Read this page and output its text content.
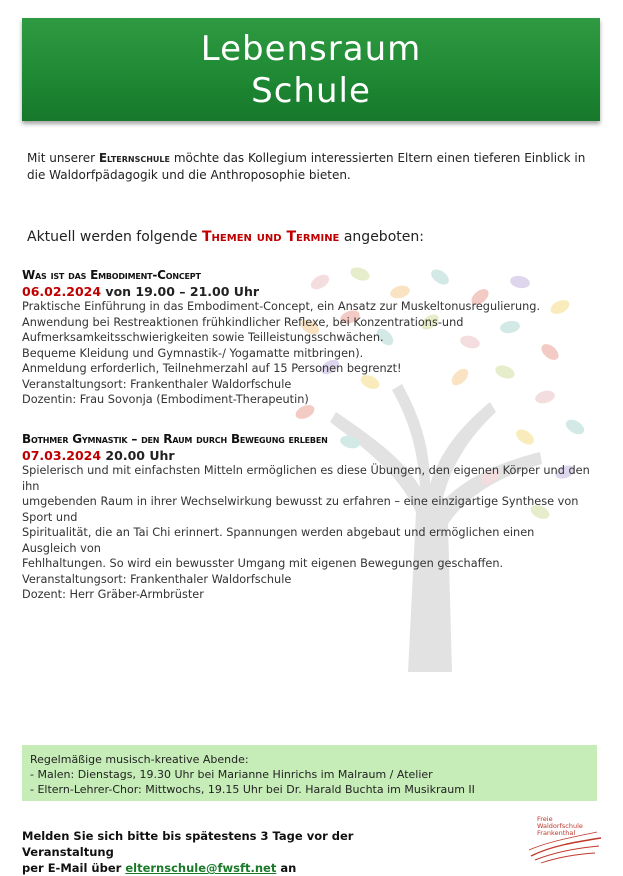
Lebensraum
Schule
Mit unserer Elternschule möchte das Kollegium interessierten Eltern einen tieferen Einblick in die Waldorfpädagogik und die Anthroposophie bieten.
Aktuell werden folgende Themen und Termine angeboten:
Was ist das Embodiment-Concept
06.02.2024 von 19.00 – 21.00 Uhr
Praktische Einführung in das Embodiment-Concept, ein Ansatz zur Muskeltonusregulierung.
Anwendung bei Restreaktionen frühkindlicher Reflexe, bei Konzentrations-und
Aufmerksamkeitsschwierigkeiten sowie Teilleistungsschwächen.
Bequeme Kleidung und Gymnastik-/ Yogamatte mitbringen).
Anmeldung erforderlich, Teilnehmerzahl auf 15 Personen begrenzt!
Veranstaltungsort: Frankenthaler Waldorfschule
Dozentin: Frau Sovonja (Embodiment-Therapeutin)
Bothmer Gymnastik – den Raum durch Bewegung erleben
07.03.2024 20.00 Uhr
Spielerisch und mit einfachsten Mitteln ermöglichen es diese Übungen, den eigenen Körper und den ihn
umgebenden Raum in ihrer Wechselwirkung bewusst zu erfahren – eine einzigartige Synthese von Sport und
Spiritualität, die an Tai Chi erinnert. Spannungen werden abgebaut und ermöglichen einen Ausgleich von
Fehlhaltungen. So wird ein bewusster Umgang mit eigenen Bewegungen geschaffen.
Veranstaltungsort: Frankenthaler Waldorfschule
Dozent: Herr Gräber-Armbrüster
Regelmäßige musisch-kreative Abende:
- Malen: Dienstags, 19.30 Uhr bei Marianne Hinrichs im Malraum / Atelier
- Eltern-Lehrer-Chor: Mittwochs, 19.15 Uhr bei Dr. Harald Buchta im Musikraum II
Melden Sie sich bitte bis spätestens 3 Tage vor der Veranstaltung
per E-Mail über elternschule@fwsft.net an
Freie
Waldorfschule
Frankenthal
